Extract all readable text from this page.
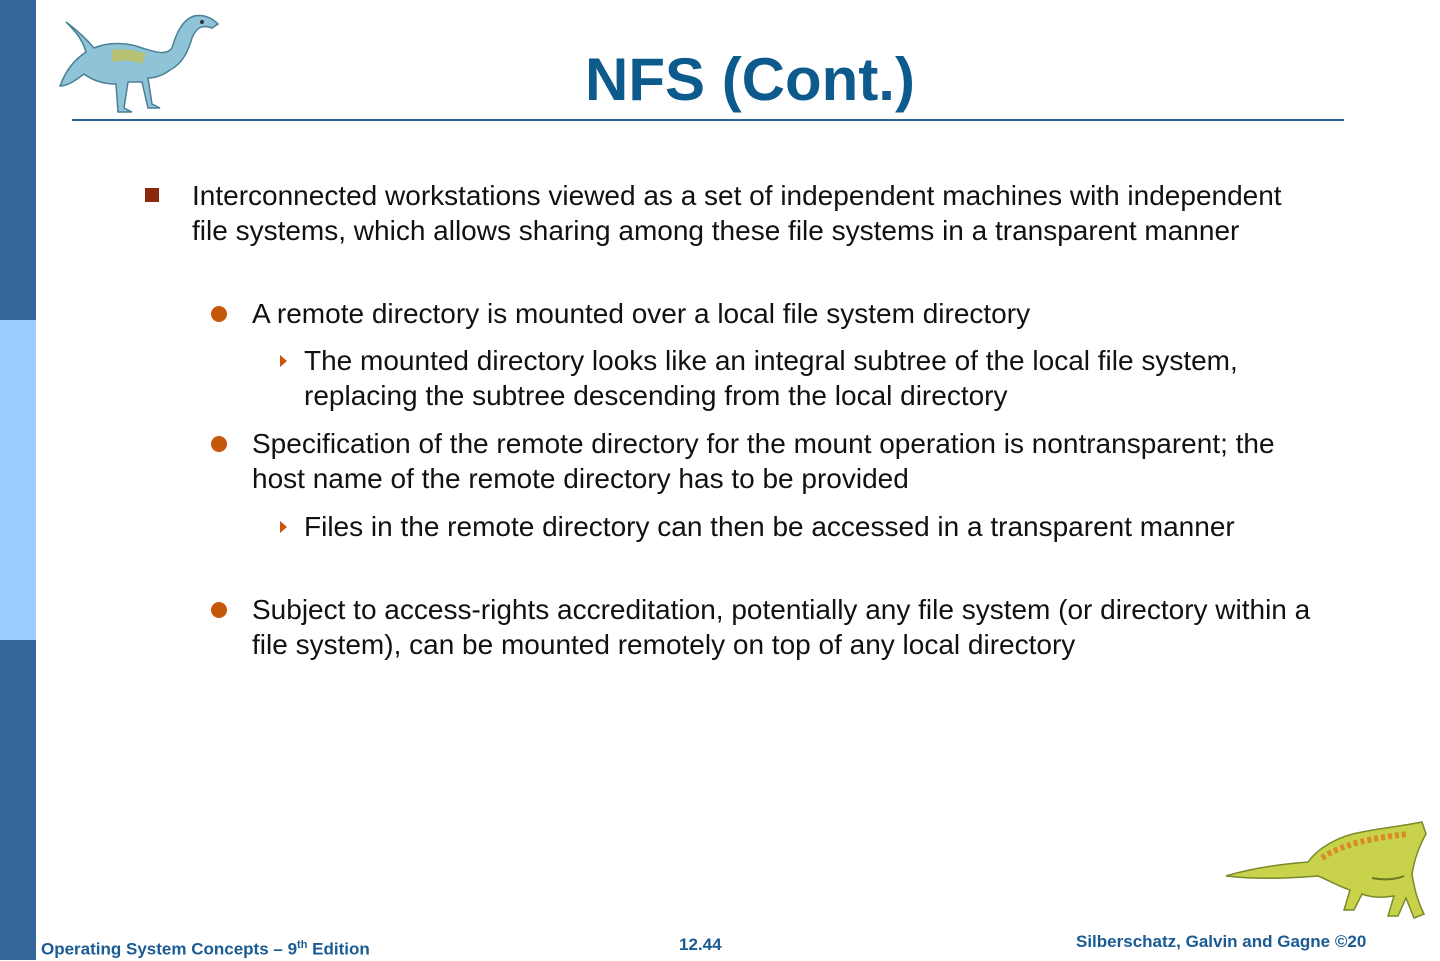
NFS (Cont.)
Interconnected workstations viewed as a set of independent machines with independent file systems, which allows sharing among these file systems in a transparent manner
A remote directory is mounted over a local file system directory
The mounted directory looks like an integral subtree of the local file system, replacing the subtree descending from the local directory
Specification of the remote directory for the mount operation is nontransparent; the host name of the remote directory has to be provided
Files in the remote directory can then be accessed in a transparent manner
Subject to access-rights accreditation, potentially any file system (or directory within a file system), can be mounted remotely on top of any local directory
Operating System Concepts – 9th Edition	12.44	Silberschatz, Galvin and Gagne ©20
